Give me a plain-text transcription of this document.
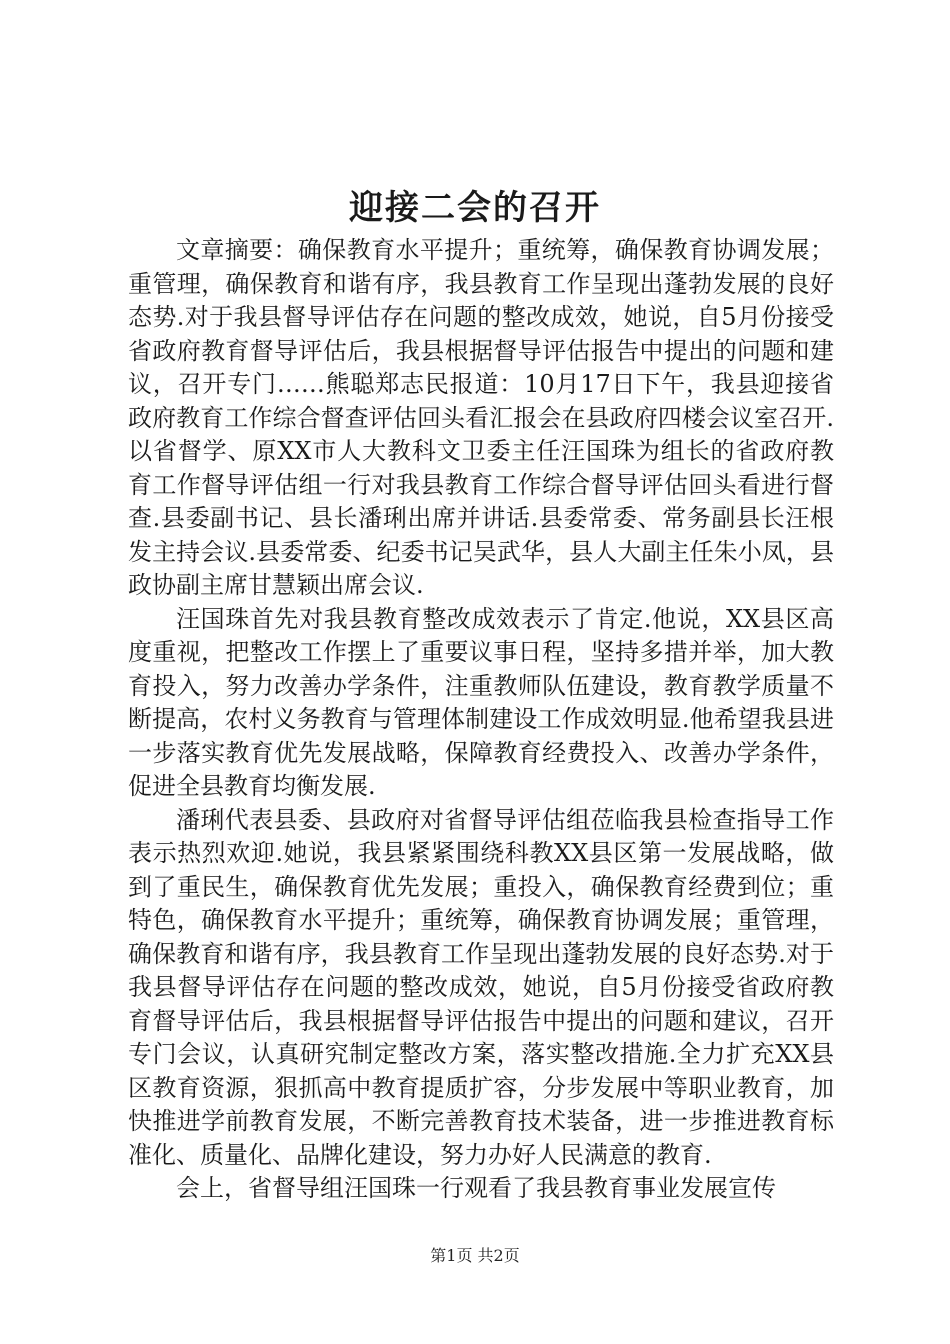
迎接二会的召开

文章摘要：确保教育水平提升；重统筹，确保教育协调发展；重管理，确保教育和谐有序，我县教育工作呈现出蓬勃发展的良好态势.对于我县督导评估存在问题的整改成效，她说，自5月份接受省政府教育督导评估后，我县根据督导评估报告中提出的问题和建议，召开专门……熊聪郑志民报道：10月17日下午，我县迎接省政府教育工作综合督查评估回头看汇报会在县政府四楼会议室召开.以省督学、原XX市人大教科文卫委主任汪国珠为组长的省政府教育工作督导评估组一行对我县教育工作综合督导评估回头看进行督查.县委副书记、县长潘琍出席并讲话.县委常委、常务副县长汪根发主持会议.县委常委、纪委书记吴武华，县人大副主任朱小凤，县政协副主席甘慧颖出席会议.

汪国珠首先对我县教育整改成效表示了肯定.他说，XX县区高度重视，把整改工作摆上了重要议事日程，坚持多措并举，加大教育投入，努力改善办学条件，注重教师队伍建设，教育教学质量不断提高，农村义务教育与管理体制建设工作成效明显.他希望我县进一步落实教育优先发展战略，保障教育经费投入、改善办学条件，促进全县教育均衡发展.

潘琍代表县委、县政府对省督导评估组莅临我县检查指导工作表示热烈欢迎.她说，我县紧紧围绕科教XX县区第一发展战略，做到了重民生，确保教育优先发展；重投入，确保教育经费到位；重特色，确保教育水平提升；重统筹，确保教育协调发展；重管理，确保教育和谐有序，我县教育工作呈现出蓬勃发展的良好态势.对于我县督导评估存在问题的整改成效，她说，自5月份接受省政府教育督导评估后，我县根据督导评估报告中提出的问题和建议，召开专门会议，认真研究制定整改方案，落实整改措施.全力扩充XX县区教育资源，狠抓高中教育提质扩容，分步发展中等职业教育，加快推进学前教育发展，不断完善教育技术装备，进一步推进教育标准化、质量化、品牌化建设，努力办好人民满意的教育.

会上，省督导组汪国珠一行观看了我县教育事业发展宣传

第1页 共2页
